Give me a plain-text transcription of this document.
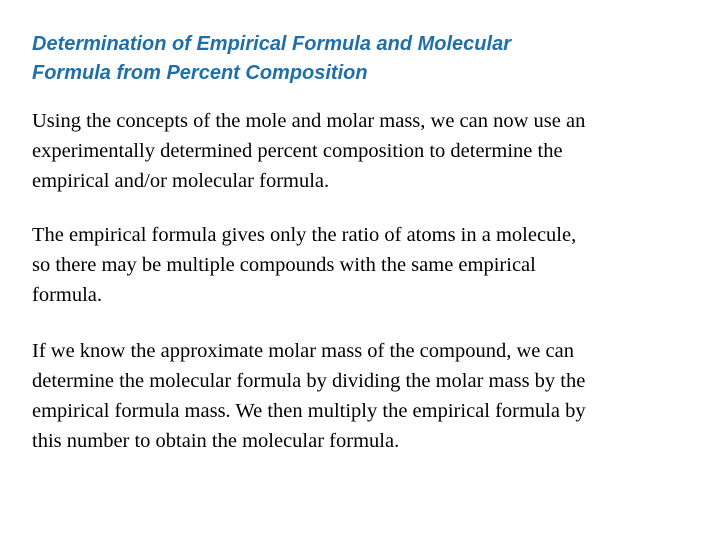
Determination of Empirical Formula and Molecular
Formula from Percent Composition

Using the concepts of the mole and molar mass, we can now use an
experimentally determined percent composition to determine the
empirical and/or molecular formula.

The empirical formula gives only the ratio of atoms in a molecule,
so there may be multiple compounds with the same empirical
formula.

If we know the approximate molar mass of the compound, we can
determine the molecular formula by dividing the molar mass by the
empirical formula mass. We then multiply the empirical formula by
this number to obtain the molecular formula.
